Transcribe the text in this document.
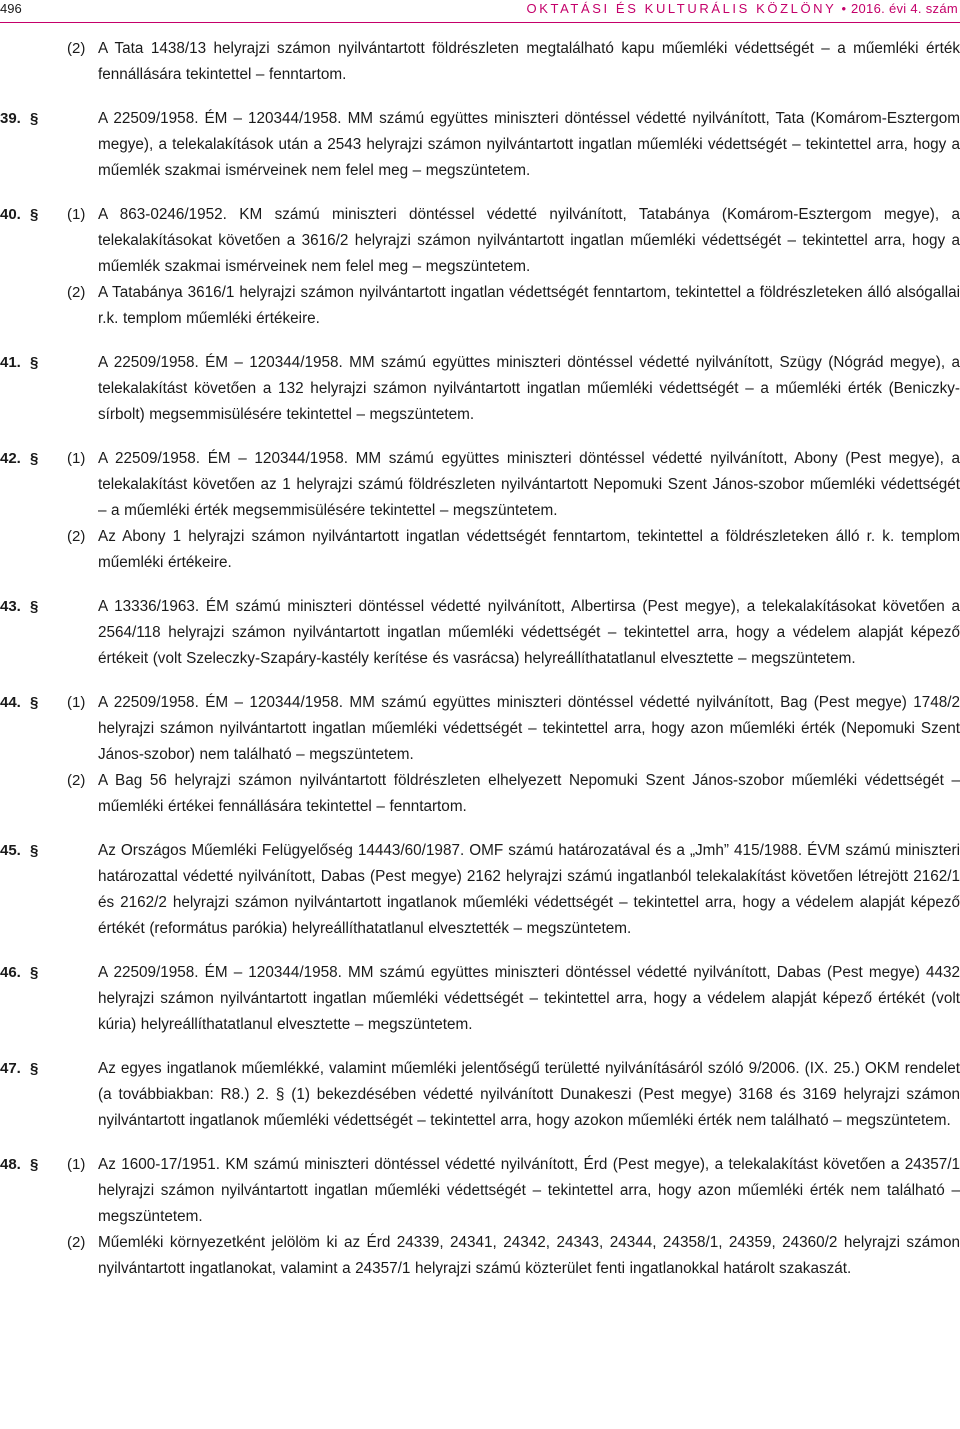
496	OKTATÁSI ÉS KULTURÁLIS KÖZLÖNY • 2016. évi 4. szám
(2) A Tata 1438/13 helyrajzi számon nyilvántartott földrészleten megtalálható kapu műemléki védettségét – a műemléki érték fennállására tekintettel – fenntartom.
39. §	A 22509/1958. ÉM – 120344/1958. MM számú együttes miniszteri döntéssel védetté nyilvánított, Tata (Komárom-Esztergom megye), a telekalakítások után a 2543 helyrajzi számon nyilvántartott ingatlan műemléki védettségét – tekintettel arra, hogy a műemlék szakmai ismérveinek nem felel meg – megszüntetem.
40. § (1) A 863-0246/1952. KM számú miniszteri döntéssel védetté nyilvánított, Tatabánya (Komárom-Esztergom megye), a telekalakításokat követően a 3616/2 helyrajzi számon nyilvántartott ingatlan műemléki védettségét – tekintettel arra, hogy a műemlék szakmai ismérveinek nem felel meg – megszüntetem.
(2) A Tatabánya 3616/1 helyrajzi számon nyilvántartott ingatlan védettségét fenntartom, tekintettel a földrészleteken álló alsógallai r.k. templom műemléki értékeire.
41. §	A 22509/1958. ÉM – 120344/1958. MM számú együttes miniszteri döntéssel védetté nyilvánított, Szügy (Nógrád megye), a telekalakítást követően a 132 helyrajzi számon nyilvántartott ingatlan műemléki védettségét – a műemléki érték (Beniczky-sírbolt) megsemmisülésére tekintettel – megszüntetem.
42. § (1) A 22509/1958. ÉM – 120344/1958. MM számú együttes miniszteri döntéssel védetté nyilvánított, Abony (Pest megye), a telekalakítást követően az 1 helyrajzi számú földrészleten nyilvántartott Nepomuki Szent János-szobor műemléki védettségét – a műemléki érték megsemmisülésére tekintettel – megszüntetem.
(2) Az Abony 1 helyrajzi számon nyilvántartott ingatlan védettségét fenntartom, tekintettel a földrészleteken álló r. k. templom műemléki értékeire.
43. §	A 13336/1963. ÉM számú miniszteri döntéssel védetté nyilvánított, Albertirsa (Pest megye), a telekalakításokat követően a 2564/118 helyrajzi számon nyilvántartott ingatlan műemléki védettségét – tekintettel arra, hogy a védelem alapját képező értékeit (volt Szeleczky-Szapáry-kastély kerítése és vasrácsa) helyreállíthatatlanul elvesztette – megszüntetem.
44. § (1) A 22509/1958. ÉM – 120344/1958. MM számú együttes miniszteri döntéssel védetté nyilvánított, Bag (Pest megye) 1748/2 helyrajzi számon nyilvántartott ingatlan műemléki védettségét – tekintettel arra, hogy azon műemléki érték (Nepomuki Szent János-szobor) nem található – megszüntetem.
(2) A Bag 56 helyrajzi számon nyilvántartott földrészleten elhelyezett Nepomuki Szent János-szobor műemléki védettségét – műemléki értékei fennállására tekintettel – fenntartom.
45. §	Az Országos Műemléki Felügyelőség 14443/60/1987. OMF számú határozatával és a „Jmh” 415/1988. ÉVM számú miniszteri határozattal védetté nyilvánított, Dabas (Pest megye) 2162 helyrajzi számú ingatlanból telekalakítást követően létrejött 2162/1 és 2162/2 helyrajzi számon nyilvántartott ingatlanok műemléki védettségét – tekintettel arra, hogy a védelem alapját képező értékét (református parókia) helyreállíthatatlanul elvesztették – megszüntetem.
46. §	A 22509/1958. ÉM – 120344/1958. MM számú együttes miniszteri döntéssel védetté nyilvánított, Dabas (Pest megye) 4432 helyrajzi számon nyilvántartott ingatlan műemléki védettségét – tekintettel arra, hogy a védelem alapját képező értékét (volt kúria) helyreállíthatatlanul elvesztette – megszüntetem.
47. §	Az egyes ingatlanok műemlékké, valamint műemléki jelentőségű területté nyilvánításáról szóló 9/2006. (IX. 25.) OKM rendelet (a továbbiakban: R8.) 2. § (1) bekezdésében védetté nyilvánított Dunakeszi (Pest megye) 3168 és 3169 helyrajzi számon nyilvántartott ingatlanok műemléki védettségét – tekintettel arra, hogy azokon műemléki érték nem található – megszüntetem.
48. § (1) Az 1600-17/1951. KM számú miniszteri döntéssel védetté nyilvánított, Érd (Pest megye), a telekalakítást követően a 24357/1 helyrajzi számon nyilvántartott ingatlan műemléki védettségét – tekintettel arra, hogy azon műemléki érték nem található – megszüntetem.
(2) Műemléki környezetként jelölöm ki az Érd 24339, 24341, 24342, 24343, 24344, 24358/1, 24359, 24360/2 helyrajzi számon nyilvántartott ingatlanokat, valamint a 24357/1 helyrajzi számú közterület fenti ingatlanokkal határolt szakaszát.
